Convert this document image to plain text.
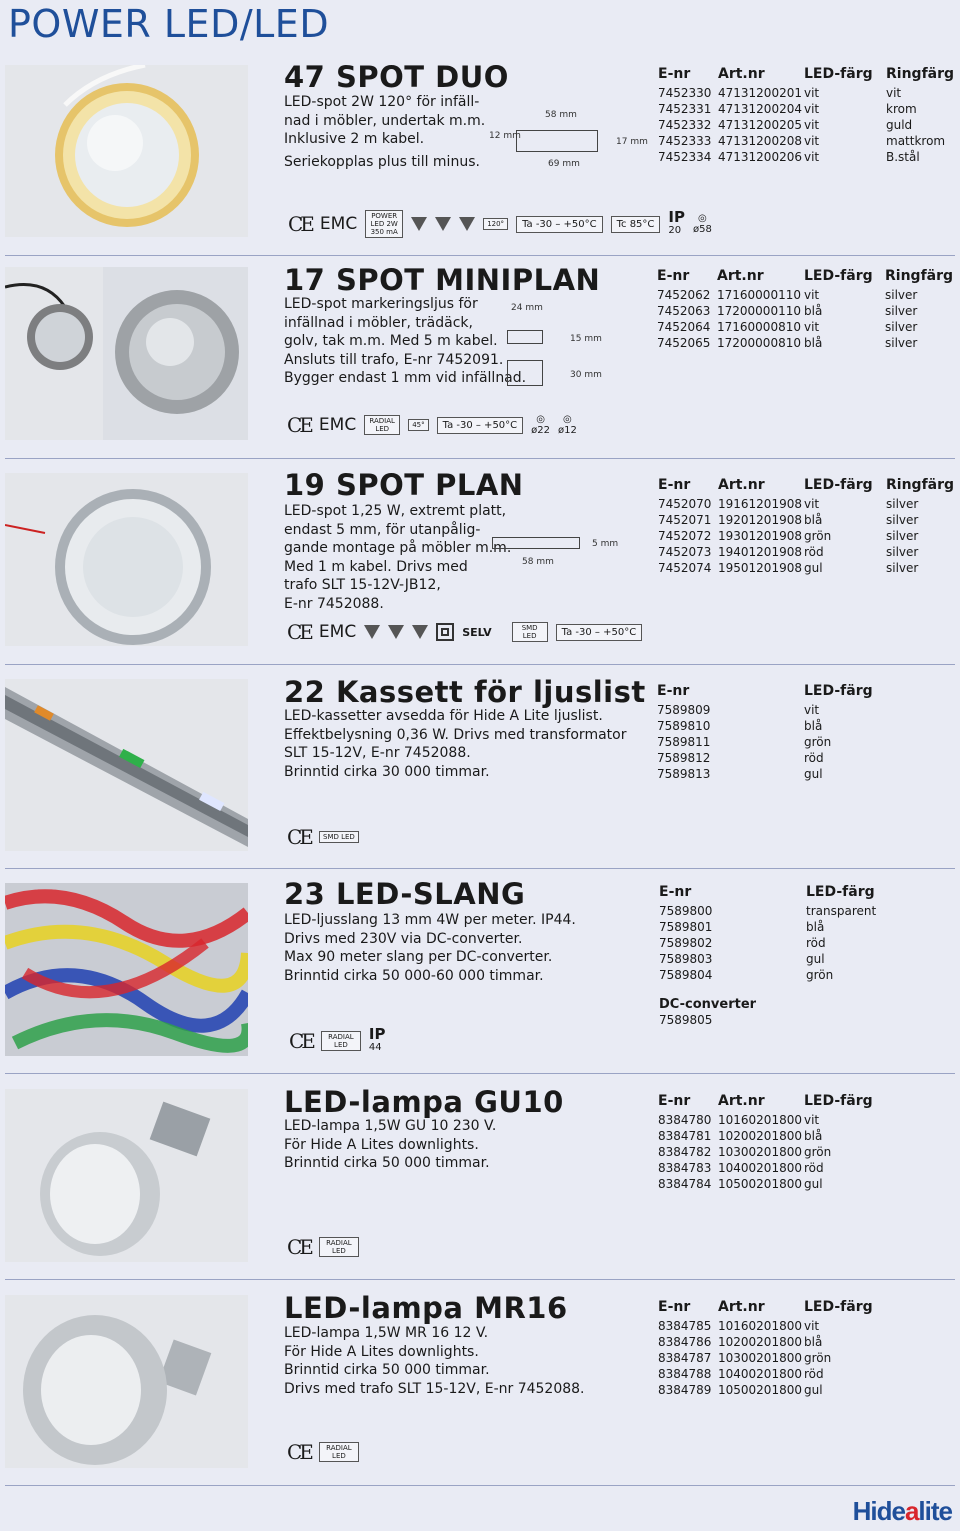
POWER LED/LED
47 SPOT DUO
LED-spot 2W 120° för infäll-
nad i möbler, undertak m.m.
Inklusive 2 m kabel.
Seriekopplas plus till minus.
58 mm
12 mm
17 mm
69 mm
E-nr	Art.nr	LED-färg	Ringfärg
7452330	47131200201	vit	vit
7452331	47131200204	vit	krom
7452332	47131200205	vit	guld
7452333	47131200208	vit	mattkrom
7452334	47131200206	vit	B.stål
CE EMC	POWER LED 2W 350 mA
120°	Ta -30 – +50°C	Tc 85°C IP
20
◎
ø58
17 SPOT MINIPLAN
LED-spot markeringsljus för
infällnad i möbler, trädäck,
golv, tak m.m. Med 5 m kabel.
Ansluts till trafo, E-nr 7452091.
Bygger endast 1 mm vid infällnad.
24 mm
15 mm
30 mm
E-nr	Art.nr	LED-färg	Ringfärg
7452062	17160000110	vit	silver
7452063	17200000110	blå	silver
7452064	17160000810	vit	silver
7452065	17200000810	blå	silver
CE EMC	RADIAL LED	45°	Ta -30 – +50°C	◎
ø22
◎
ø12
19 SPOT PLAN
LED-spot 1,25 W, extremt platt,
endast 5 mm, för utanpålig-
gande montage på möbler m.m.
Med 1 m kabel. Drivs med
trafo SLT 15-12V-JB12,
E-nr 7452088.
5 mm
58 mm
E-nr	Art.nr	LED-färg	Ringfärg
7452070	19161201908	vit	silver
7452071	19201201908	blå	silver
7452072	19301201908	grön	silver
7452073	19401201908	röd	silver
7452074	19501201908	gul	silver
CE EMC	SELV	SMD LED	Ta -30 – +50°C
22 Kassett för ljuslist
LED-kassetter avsedda för Hide A Lite ljuslist.
Effektbelysning 0,36 W. Drivs med transformator
SLT 15-12V, E-nr 7452088.
Brinntid cirka 30 000 timmar.
E-nr	LED-färg
7589809	vit
7589810	blå
7589811	grön
7589812	röd
7589813	gul
CE	SMD LED
23 LED-SLANG
LED-ljusslang 13 mm 4W per meter. IP44.
Drivs med 230V via DC-converter.
Max 90 meter slang per DC-converter.
Brinntid cirka 50 000-60 000 timmar.
E-nr	LED-färg
7589800	transparent
7589801	blå
7589802	röd
7589803	gul
7589804	grön
DC-converter
7589805
CE	RADIAL LED
IP
44
LED-lampa GU10
LED-lampa 1,5W GU 10 230 V.
För Hide A Lites downlights.
Brinntid cirka 50 000 timmar.
E-nr	Art.nr	LED-färg
8384780	10160201800	vit
8384781	10200201800	blå
8384782	10300201800	grön
8384783	10400201800	röd
8384784	10500201800	gul
CE	RADIAL LED
LED-lampa MR16
LED-lampa 1,5W MR 16 12 V.
För Hide A Lites downlights.
Brinntid cirka 50 000 timmar.
Drivs med trafo SLT 15-12V, E-nr 7452088.
E-nr	Art.nr	LED-färg
8384785	10160201800	vit
8384786	10200201800	blå
8384787	10300201800	grön
8384788	10400201800	röd
8384789	10500201800	gul
CE	RADIAL LED
Hidealite
